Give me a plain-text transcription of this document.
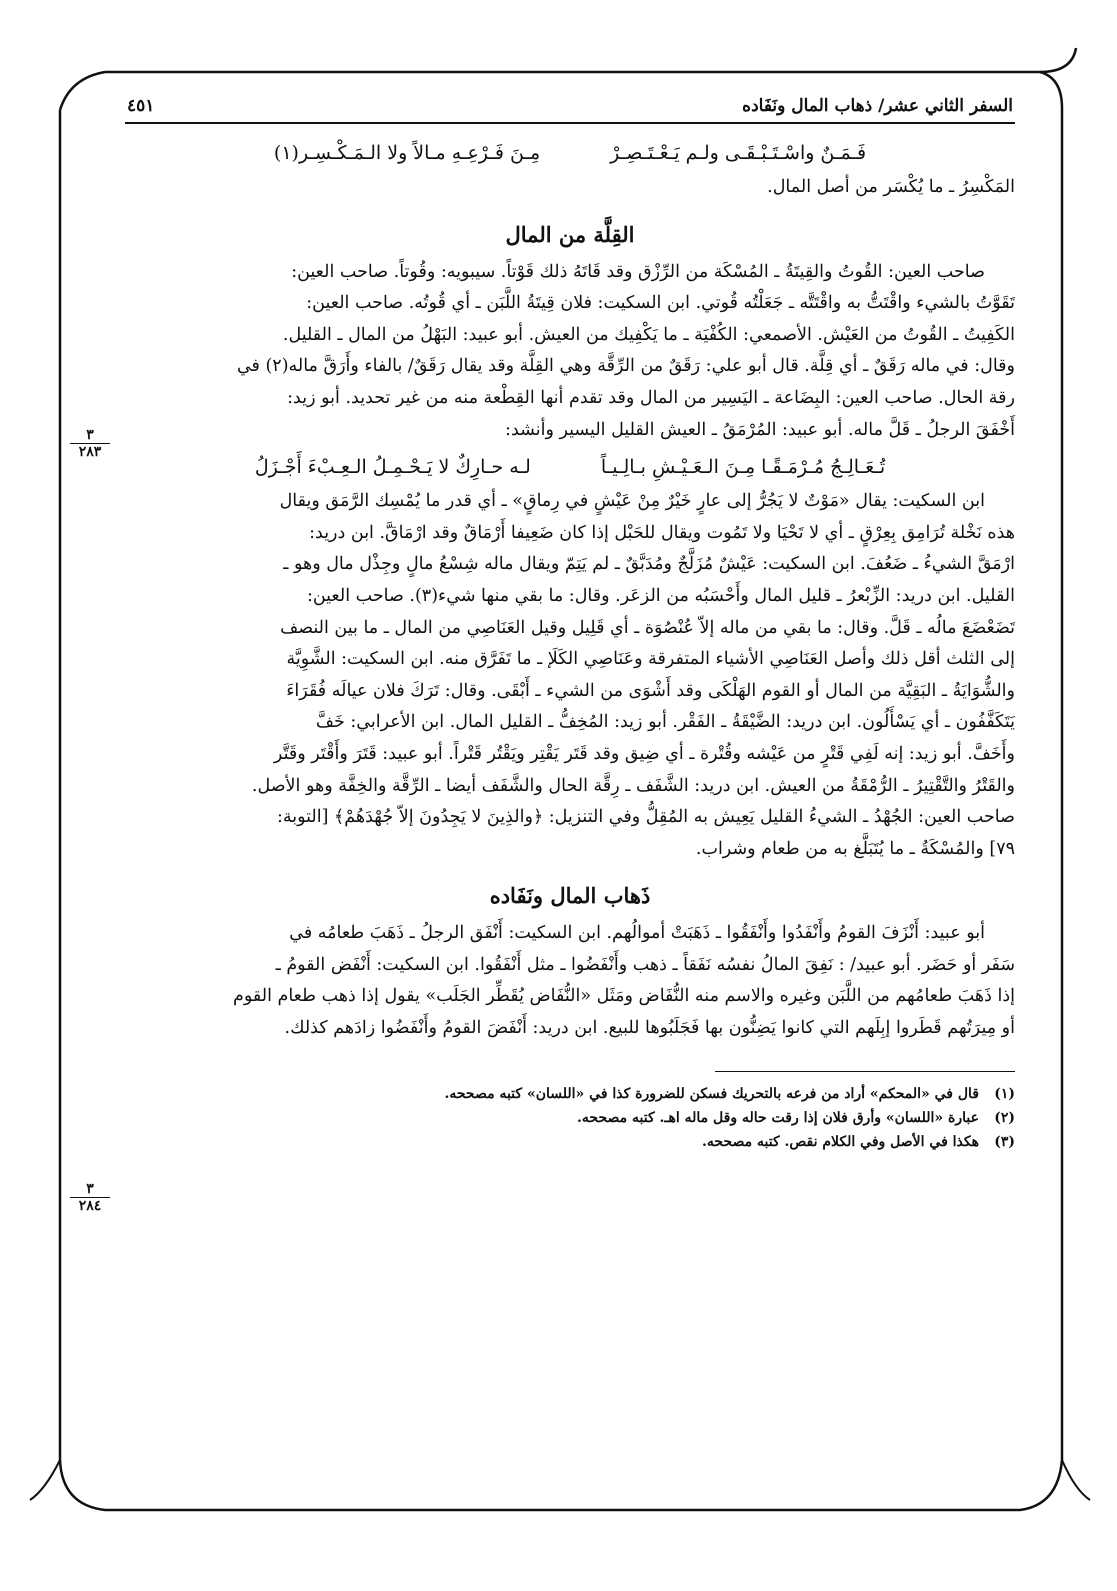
السفر الثاني عشر/ ذهاب المال ونَفَاده
٤٥١
فَـمَـنٌ واسْـتَـبْـقَـى ولـم يَـعْـتَـصِـرْ
مِـنَ فَـرْعِـهِ مـالاً ولا الـمَـكْـسِـر(١)

المَكْسِرُ ـ ما يُكْسَر من أصل المال.

القِلَّة من المال

صاحب العين: القُوتُ والقِيتَةُ ـ المُسْكَة من الرِّزْق وقد قَاتَهُ ذلك قَوْتاً. سيبويه: وقُوتاً. صاحب العين:

تَقَوَّتُ بالشيء واقْتَتُّ به واقْتَتَّه ـ جَعَلْتُه قُوتي. ابن السكيت: فلان قِيتَةُ اللَّبَن ـ أي قُوتُه. صاحب العين:

الكَفِيتُ ـ القُوتُ من العَيْش. الأصمعي: الكُفْيَة ـ ما يَكْفِيك من العيش. أبو عبيد: البَهْلُ من المال ـ القليل.

وقال: في ماله رَقَقٌ ـ أي قِلَّة. قال أبو علي: رَقَقٌ من الرِّقَّة وهي القِلَّة وقد يقال رَقَقٌ/ بالفاء وأَرَقَّ ماله(٢) في

رقة الحال. صاحب العين: البِضَاعة ـ اليَسِير من المال وقد تقدم أنها القِطْعة منه من غير تحديد. أبو زيد:

أَخْفَقَ الرجلُ ـ قَلَّ ماله. أبو عبيد: المُرْمَقُ ـ العيش القليل اليسير وأنشد:

تُـعَـالِـجُ مُـرْمَـقًـا مِـنَ الـعَـيْـشِ بـالِـيـاً
لـه حـارِكٌ لا يَـحْـمِـلُ الـعِـبْءَ أَجْـزَلُ

ابن السكيت: يقال «مَوْتٌ لا يَجُرُّ إلى عارٍ خَيْرٌ مِنْ عَيْشٍ في رِماقٍ» ـ أي قدر ما يُمْسِك الرَّمَق ويقال

هذه نَخْلة تُرَامِق بِعِرْقٍ ـ أي لا تَحْيَا ولا تَمُوت ويقال للحَبْل إذا كان ضَعِيفا أَرْمَاقٌ وقد ارْمَاقَّ. ابن دريد:

ارْمَقَّ الشيءُ ـ ضَعُفَ. ابن السكيت: عَيْشٌ مُزَلَّجٌ ومُدَبَّقٌ ـ لم يَتِمّ ويقال ماله شِسْعُ مالٍ وجِذْل مال وهو ـ

القليل. ابن دريد: الزِّبْعرُ ـ قليل المال وأَحْسَبُه من الزعَر. وقال: ما بقي منها شيء(٣). صاحب العين:

تَضَعْضَعَ مالُه ـ قَلَّ. وقال: ما بقي من ماله إلاّ عُنْصُوَة ـ أي قَلِيل وقيل العَنَاصِي من المال ـ ما بين النصف

إلى الثلث أقل ذلك وأصل العَنَاصِي الأشياء المتفرقة وعَنَاصِي الكَلَإ ـ ما تَفَرَّق منه. ابن السكيت: الشَّوِيَّة

والشُّوَايَةُ ـ البَقِيَّة من المال أو القوم الهَلْكَى وقد أَشْوَى من الشيء ـ أَبْقَى. وقال: تَرَكَ فلان عيالَه فُقَرَاءَ

يَتَكَفَّفُون ـ أي يَسْأَلُون. ابن دريد: الضَّيْقَةُ ـ الفَقْر. أبو زيد: المُخِفُّ ـ القليل المال. ابن الأعرابي: خَفَّ

وأَخَفَّ. أبو زيد: إنه لَفِي قَتْرٍ من عَيْشه وقُتْرة ـ أي ضِيق وقد قَتَر يَقْتِر ويَقْتُر قَتْراً. أبو عبيد: قَتَرَ وأَقْتَر وقَتَّر

والقَتْرُ والتَّقْتِيرُ ـ الرُّمْقَةُ من العيش. ابن دريد: الشَّفَف ـ رِقَّة الحال والشَّفَف أيضا ـ الرِّقَّة والخِفَّة وهو الأصل.

صاحب العين: الجُهْدُ ـ الشيءُ القليل يَعِيش به المُقِلُّ وفي التنزيل: ﴿والذِينَ لا يَجِدُونَ إلاّ جُهْدَهُمْ﴾ [التوبة:

٧٩] والمُسْكَةُ ـ ما يُتَبَلَّغ به من طعام وشراب.

ذَهاب المال ونَفَاده

أبو عبيد: أَنْزَفَ القومُ وأَنْفَدُوا وأَنْفَقُوا ـ ذَهَبَتْ أموالُهم. ابن السكيت: أَنْفَق الرجلُ ـ ذَهَبَ طعامُه في

سَفَر أو حَضَر. أبو عبيد/ : نَفِقَ المالُ نفسُه نَفَقاً ـ ذهب وأَنْفَضُوا ـ مثل أَنْفَقُوا. ابن السكيت: أَنْفَض القومُ ـ

إذا ذَهَبَ طعامُهم من اللَّبَن وغيره والاسم منه النُّفَاض ومَثَل «النُّفَاض يُقَطِّر الجَلَب» يقول إذا ذهب طعام القوم

أو مِيرَتُهم قَطَروا إبِلَهم التي كانوا يَضِنُّون بها فَجَلَبُوها للبيع. ابن دريد: أَنْفَضَ القومُ وأَنْفَضُوا زادَهم كذلك.

(١)قال في «المحكم» أراد من فرعه بالتحريك فسكن للضرورة كذا في «اللسان» كتبه مصححه.

(٢)عبارة «اللسان» وأرق فلان إذا رقت حاله وقل ماله اهـ. كتبه مصححه.

(٣)هكذا في الأصل وفي الكلام نقص. كتبه مصححه.

٣
٢٨٣
٣
٢٨٤
